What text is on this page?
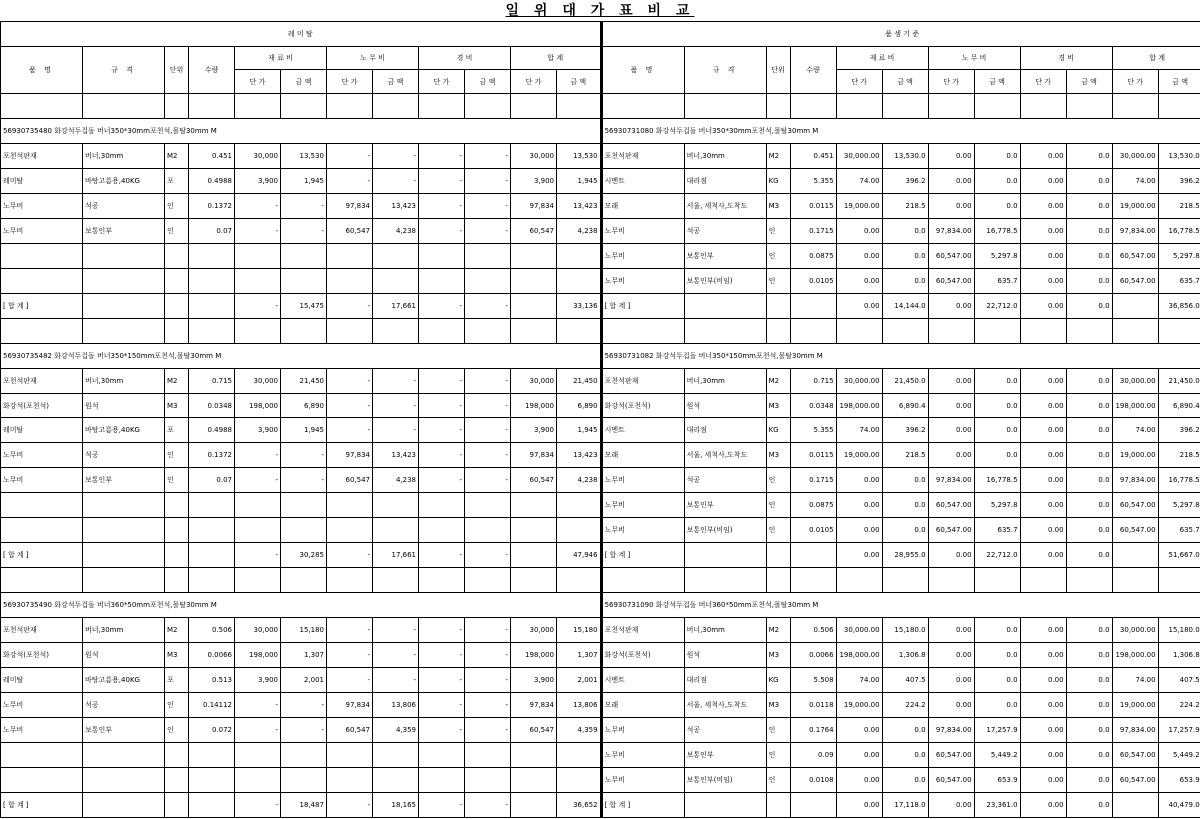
일 위 대 가 표 비 교
레 미 탈											
품 명	규 격	단위	수량	재 료 비		노 무 비		경 비		합 계	
				단 가	금 액	단 가	금 액	단 가	금 액	단 가	금 액

56930735480 화강석두겁돌 버너350*30mm포천석,몰탈30mm M											
포천석판재	버너,30mm	M2	0.451	30,000	13,530	-	-	-	-	30,000	13,530
레미탈	바탕고름용,40KG	포	0.4988	3,900	1,945	-	-	-	-	3,900	1,945
노무비	석공	인	0.1372	-	-	97,834	13,423	-	-	97,834	13,423
노무비	보통인부	인	0.07	-	-	60,547	4,238	-	-	60,547	4,238

[ 합 계 ]				-	15,475	-	17,661	-	-		33,136

56930735482 화강석두겁돌 버너350*150mm포천석,몰탈30mm M											
포천석판재	버너,30mm	M2	0.715	30,000	21,450	-	-	-	-	30,000	21,450
화강석(포천석)	원석	M3	0.0348	198,000	6,890	-	-	-	-	198,000	6,890
레미탈	바탕고름용,40KG	포	0.4988	3,900	1,945	-	-	-	-	3,900	1,945
노무비	석공	인	0.1372	-	-	97,834	13,423	-	-	97,834	13,423
노무비	보통인부	인	0.07	-	-	60,547	4,238	-	-	60,547	4,238

[ 합 계 ]				-	30,285	-	17,661	-	-		47,946

56930735490 화강석두겁돌 버너360*50mm포천석,몰탈30mm M											
포천석판재	버너,30mm	M2	0.506	30,000	15,180	-	-	-	-	30,000	15,180
화강석(포천석)	원석	M3	0.0066	198,000	1,307	-	-	-	-	198,000	1,307
레미탈	바탕고름용,40KG	포	0.513	3,900	2,001	-	-	-	-	3,900	2,001
노무비	석공	인	0.14112	-	-	97,834	13,806	-	-	97,834	13,806
노무비	보통인부	인	0.072	-	-	60,547	4,359	-	-	60,547	4,359

[ 합 계 ]				-	18,487	-	18,165	-	-		36,652
품 셈 기 준											
품 명	규 격	단위	수량	재 료 비		노 무 비		경 비		합 계	
				단 가	금 액	단 가	금 액	단 가	금 액	단 가	금 액

56930731080 화강석두겁돌 버너350*30mm포천석,몰탈30mm M											
포천석판재	버너,30mm	M2	0.451	30,000.00	13,530.0	0.00	0.0	0.00	0.0	30,000.00	13,530.0
시멘트	대리점	KG	5.355	74.00	396.2	0.00	0.0	0.00	0.0	74.00	396.2
모래	서울, 세척사,도착도	M3	0.0115	19,000.00	218.5	0.00	0.0	0.00	0.0	19,000.00	218.5
노무비	석공	인	0.1715	0.00	0.0	97,834.00	16,778.5	0.00	0.0	97,834.00	16,778.5
노무비	보통인부	인	0.0875	0.00	0.0	60,547.00	5,297.8	0.00	0.0	60,547.00	5,297.8
노무비	보통인부(비임)	인	0.0105	0.00	0.0	60,547.00	635.7	0.00	0.0	60,547.00	635.7
[ 합 계 ]				0.00	14,144.0	0.00	22,712.0	0.00	0.0		36,856.0

56930731082 화강석두겁돌 버너350*150mm포천석,몰탈30mm M											
포천석판재	버너,30mm	M2	0.715	30,000.00	21,450.0	0.00	0.0	0.00	0.0	30,000.00	21,450.0
화강석(포천석)	원석	M3	0.0348	198,000.00	6,890.4	0.00	0.0	0.00	0.0	198,000.00	6,890.4
시멘트	대리점	KG	5.355	74.00	396.2	0.00	0.0	0.00	0.0	74.00	396.2
모래	서울, 세척사,도착도	M3	0.0115	19,000.00	218.5	0.00	0.0	0.00	0.0	19,000.00	218.5
노무비	석공	인	0.1715	0.00	0.0	97,834.00	16,778.5	0.00	0.0	97,834.00	16,778.5
노무비	보통인부	인	0.0875	0.00	0.0	60,547.00	5,297.8	0.00	0.0	60,547.00	5,297.8
노무비	보통인부(비임)	인	0.0105	0.00	0.0	60,547.00	635.7	0.00	0.0	60,547.00	635.7
[ 합 계 ]				0.00	28,955.0	0.00	22,712.0	0.00	0.0		51,667.0

56930731090 화강석두겁돌 버너360*50mm포천석,몰탈30mm M											
포천석판재	버너,30mm	M2	0.506	30,000.00	15,180.0	0.00	0.0	0.00	0.0	30,000.00	15,180.0
화강석(포천석)	원석	M3	0.0066	198,000.00	1,306.8	0.00	0.0	0.00	0.0	198,000.00	1,306.8
시멘트	대리점	KG	5.508	74.00	407.5	0.00	0.0	0.00	0.0	74.00	407.5
모래	서울, 세척사,도착도	M3	0.0118	19,000.00	224.2	0.00	0.0	0.00	0.0	19,000.00	224.2
노무비	석공	인	0.1764	0.00	0.0	97,834.00	17,257.9	0.00	0.0	97,834.00	17,257.9
노무비	보통인부	인	0.09	0.00	0.0	60,547.00	5,449.2	0.00	0.0	60,547.00	5,449.2
노무비	보통인부(비임)	인	0.0108	0.00	0.0	60,547.00	653.9	0.00	0.0	60,547.00	653.9
[ 합 계 ]				0.00	17,118.0	0.00	23,361.0	0.00	0.0		40,479.0
